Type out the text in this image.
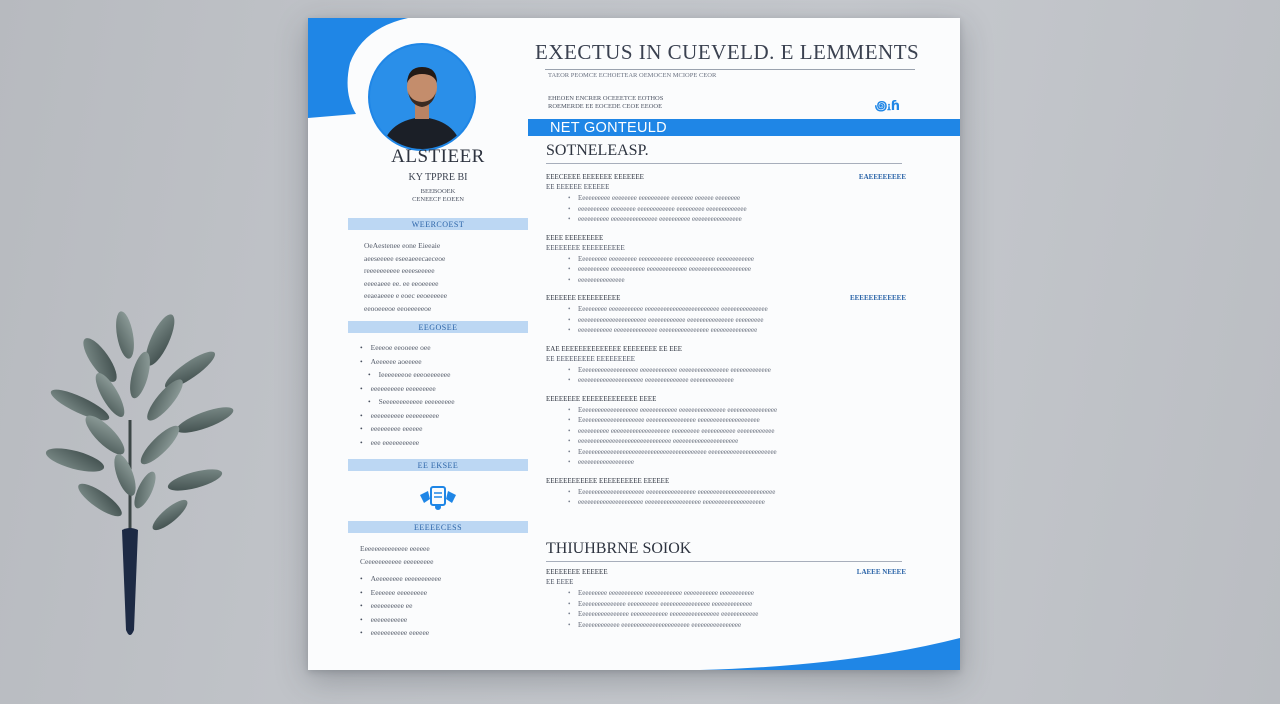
ALSTIEER
KY TPPRE BI
BEEBOOEK
CENEECF EOEEN
WEERCOEST
OeAestenee eone Eieeaie
aeeseeeee eseeaeeecaeceoe
reeeeeeeeee eeeeseeeee
eeeeaeee ee. ee eeoeeeee
eeaeaeeee e eoec eeoeeeeee
eeooeeeoe eeoeeeeeoe
EEGOSEE
• Eeeeoe eeooeee oee
• Aeeeeee aoeeeee
• Ieeeeeeeoe eeeoeeeeeee
• eeeeeeeeee eeeeeeeee
• Seeeeeeeeeeee eeeeeeeee
• eeeeeeeeee eeeeeeeeee
• eeeeeeeee eeeeee
• eee eeeeeeeeeee
EE EKSEE
EEEEECESS
Eeeeeeeeeeeeee eeeeee
Ceeeeeeeeeee eeeeeeeee
• Aeeeeeeee eeeeeeeeeee
• Eeeeeee eeeeeeeee
• eeeeeeeeee ee
• eeeeeeeeeee
• eeeeeeeeeee eeeeee
EXECTUS IN CUEVELD. E LEMMENTS
TAEOR PEOMCE ECHOETEAR OEMOCEN MCIOPE CEOR
EHEOEN ENCRER OCEEETCE EOTHOS
ROEMERDE EE EOCEDE CEOE EEOOE	꩜ꭵꚕ
NET GONTEULD
SOTNELEASP.
EEECEEEE EEEEEEE EEEEEEE	EAEEEEEEEE
EE EEEEEE EEEEEE
• Eeeeeeeeee eeeeeeee eeeeeeeeee eeeeeee eeeeee eeeeeeee
• eeeeeeeeee eeeeeeee eeeeeeeeeeee eeeeeeeee eeeeeeeeeeeee
• eeeeeeeeee eeeeeeeeeeeeeee eeeeeeeeee eeeeeeeeeeeeeeee
EEEE EEEEEEEEE
EEEEEEEE EEEEEEEEEE
• Eeeeeeeee eeeeeeeee eeeeeeeeeee eeeeeeeeeeeee eeeeeeeeeeee
• eeeeeeeeee eeeeeeeeeee eeeeeeeeeeeee eeeeeeeeeeeeeeeeeeee
• eeeeeeeeeeeeeee
EEEEEEE EEEEEEEEEE	EEEEEEEEEEEE
• Eeeeeeeee eeeeeeeeeee eeeeeeeeeeeeeeeeeeeeeeee eeeeeeeeeeeeeee
• eeeeeeeeeeeeeeeeeeeeee eeeeeeeeeeee eeeeeeeeeeeeeee eeeeeeeee
• eeeeeeeeeee eeeeeeeeeeeeee eeeeeeeeeeeeeeee eeeeeeeeeeeeeee
EAE EEEEEEEEEEEEEE EEEEEEEE EE EEE
EE EEEEEEEEE EEEEEEEEE
• Eeeeeeeeeeeeeeeeeee eeeeeeeeeeee eeeeeeeeeeeeeeee eeeeeeeeeeeee
• eeeeeeeeeeeeeeeeeeeee eeeeeeeeeeeeee eeeeeeeeeeeeee
EEEEEEEE EEEEEEEEEEEEE EEEE
• Eeeeeeeeeeeeeeeeeee eeeeeeeeeeee eeeeeeeeeeeeeee eeeeeeeeeeeeeeee
• Eeeeeeeeeeeeeeeeeeeee eeeeeeeeeeeeeeee eeeeeeeeeeeeeeeeeeee
• eeeeeeeeee eeeeeeeeeeeeeeeeeee eeeeeeeee eeeeeeeeeee eeeeeeeeeeee
• eeeeeeeeeeeeeeeeeeeeeeeeeeeeee eeeeeeeeeeeeeeeeeeeee
• Eeeeeeeeeeeeeeeeeeeeeeeeeeeeeeeeeeeeeeeee eeeeeeeeeeeeeeeeeeeeee
• eeeeeeeeeeeeeeeeee
EEEEEEEEEEEE EEEEEEEEEE EEEEEE
• Eeeeeeeeeeeeeeeeeeeee eeeeeeeeeeeeeeee eeeeeeeeeeeeeeeeeeeeeeeee
• eeeeeeeeeeeeeeeeeeeee eeeeeeeeeeeeeeeeee eeeeeeeeeeeeeeeeeeee
THIUHBRNE SOIOK
EEEEEEEE EEEEEE	LAEEE NEEEE
EE EEEE
• Eeeeeeeee eeeeeeeeeee eeeeeeeeeeee eeeeeeeeeee eeeeeeeeeee
• Eeeeeeeeeeeeeee eeeeeeeeee eeeeeeeeeeeeeeee eeeeeeeeeeeee
• Eeeeeeeeeeeeeeee eeeeeeeeeeee eeeeeeeeeeeeeeee eeeeeeeeeeee
• Eeeeeeeeeeeee eeeeeeeeeeeeeeeeeeeeee eeeeeeeeeeeeeeee
